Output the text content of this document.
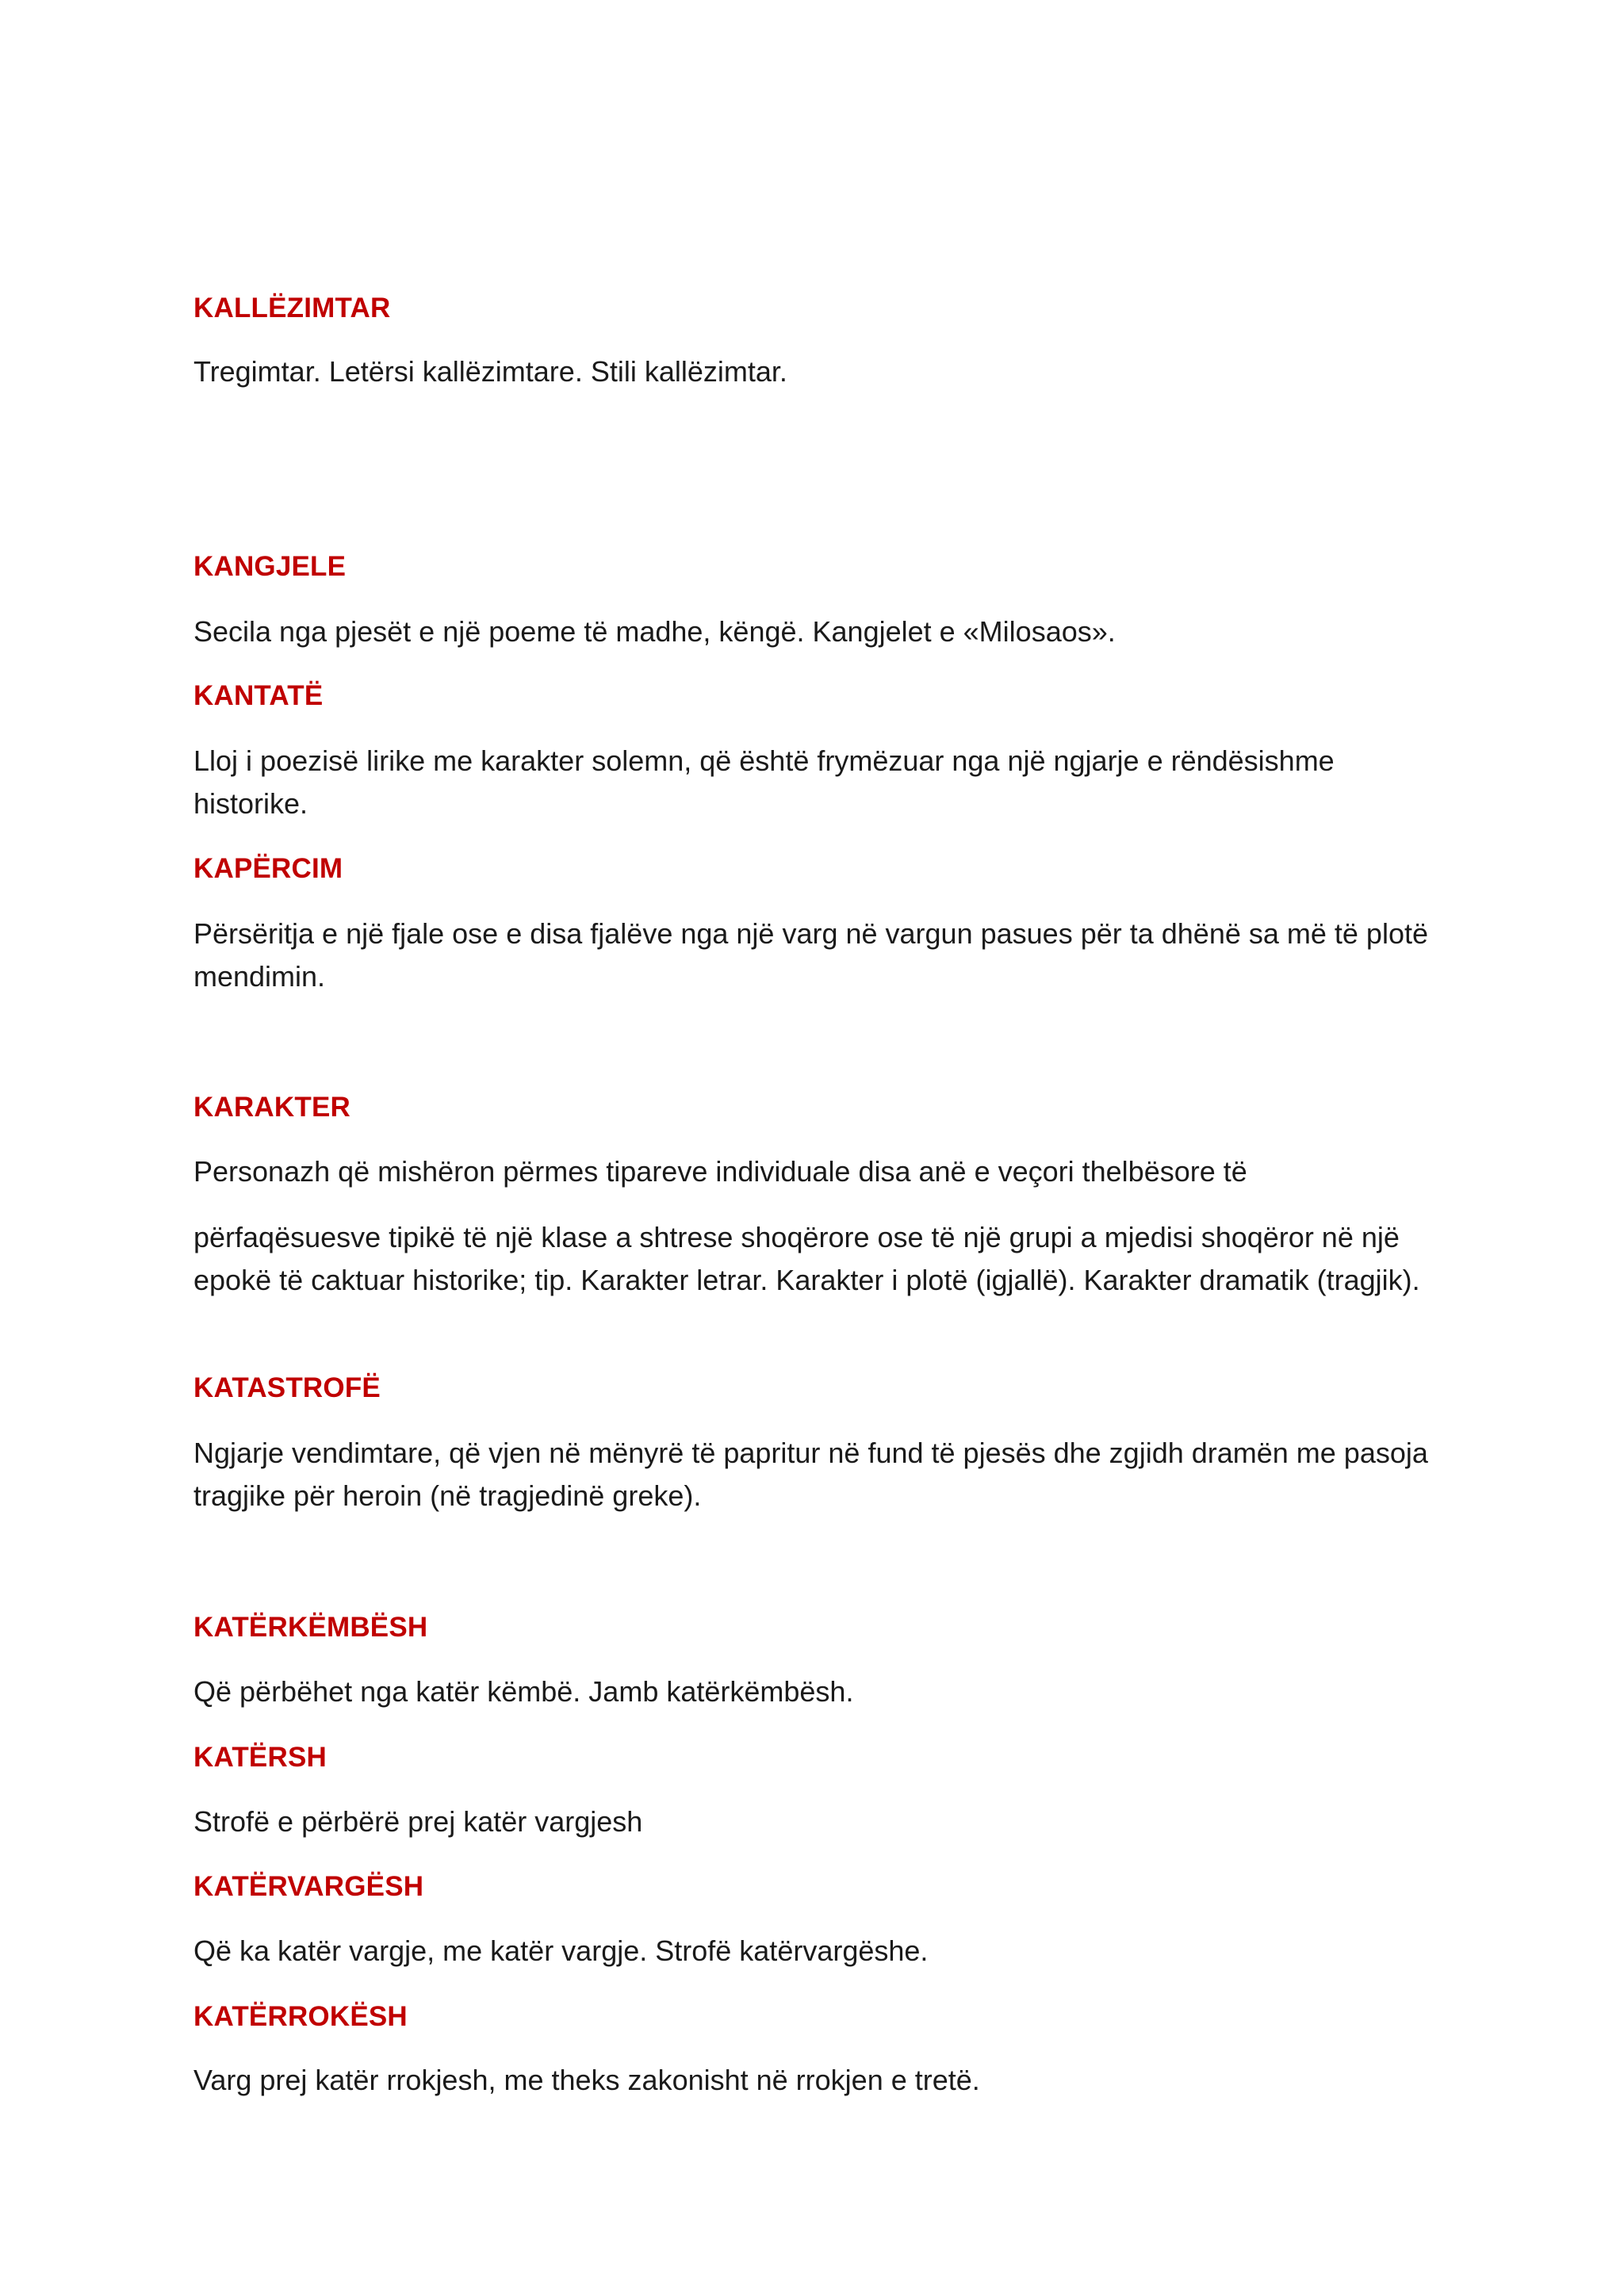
KALLËZIMTAR

Tregimtar. Letërsi kallëzimtare. Stili kallëzimtar.

KANGJELE

Secila nga pjesët e një poeme të madhe, këngë. Kangjelet e «Milosaos».

KANTATË

Lloj i poezisë lirike me karakter solemn, që është frymëzuar nga një ngjarje e rëndësishme historike.

KAPËRCIM

Përsëritja e një fjale ose e disa fjalëve nga një varg në vargun pasues për ta dhënë sa më të plotë mendimin.

KARAKTER

Personazh që mishëron përmes tipareve individuale disa anë e veçori thelbësore të

përfaqësuesve tipikë të një klase a shtrese shoqërore ose të një grupi a mjedisi shoqëror në një epokë të caktuar historike; tip. Karakter letrar. Karakter i plotë (igjallë). Karakter dramatik (tragjik).

KATASTROFË

Ngjarje vendimtare, që vjen në mënyrë të papritur në fund të pjesës dhe zgjidh dramën me pasoja tragjike për heroin (në tragjedinë greke).

KATËRKËMBËSH

Që përbëhet nga katër këmbë. Jamb katërkëmbësh.

KATËRSH

Strofë e përbërë prej katër vargjesh

KATËRVARGËSH

Që ka katër vargje, me katër vargje. Strofë katërvargëshe.

KATËRROKËSH

Varg prej katër rrokjesh, me theks zakonisht në rrokjen e tretë.
